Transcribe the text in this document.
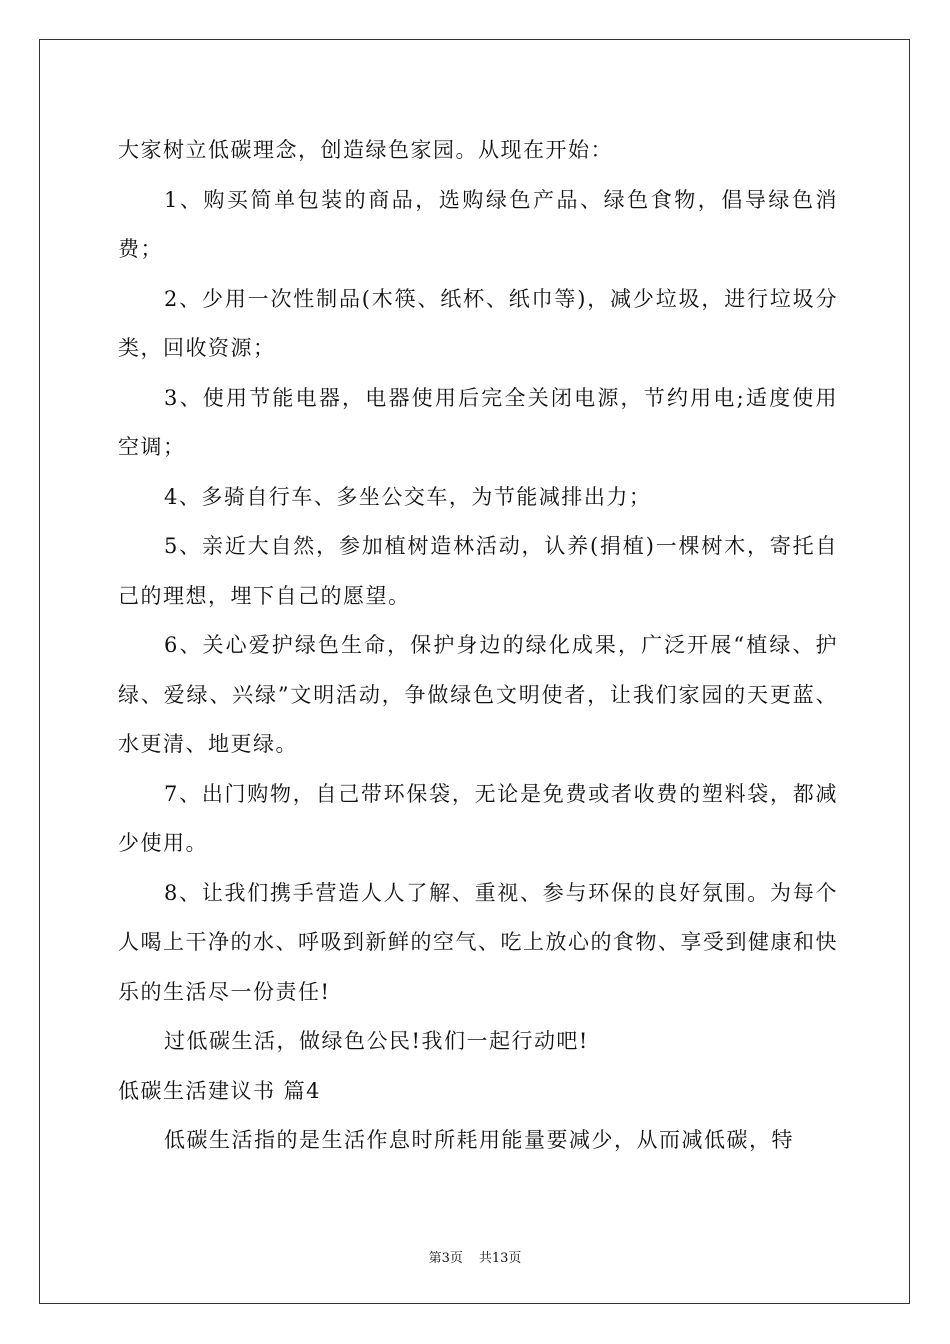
大家树立低碳理念，创造绿色家园。从现在开始：

1、购买简单包装的商品，选购绿色产品、绿色食物，倡导绿色消费；

2、少用一次性制品(木筷、纸杯、纸巾等)，减少垃圾，进行垃圾分类，回收资源；

3、使用节能电器，电器使用后完全关闭电源，节约用电;适度使用空调；

4、多骑自行车、多坐公交车，为节能减排出力；

5、亲近大自然，参加植树造林活动，认养(捐植)一棵树木，寄托自己的理想，埋下自己的愿望。

6、关心爱护绿色生命，保护身边的绿化成果，广泛开展“植绿、护绿、爱绿、兴绿”文明活动，争做绿色文明使者，让我们家园的天更蓝、水更清、地更绿。

7、出门购物，自己带环保袋，无论是免费或者收费的塑料袋，都减少使用。

8、让我们携手营造人人了解、重视、参与环保的良好氛围。为每个人喝上干净的水、呼吸到新鲜的空气、吃上放心的食物、享受到健康和快乐的生活尽一份责任!

过低碳生活，做绿色公民!我们一起行动吧!

低碳生活建议书 篇4

低碳生活指的是生活作息时所耗用能量要减少，从而减低碳，特

第3页 共13页
